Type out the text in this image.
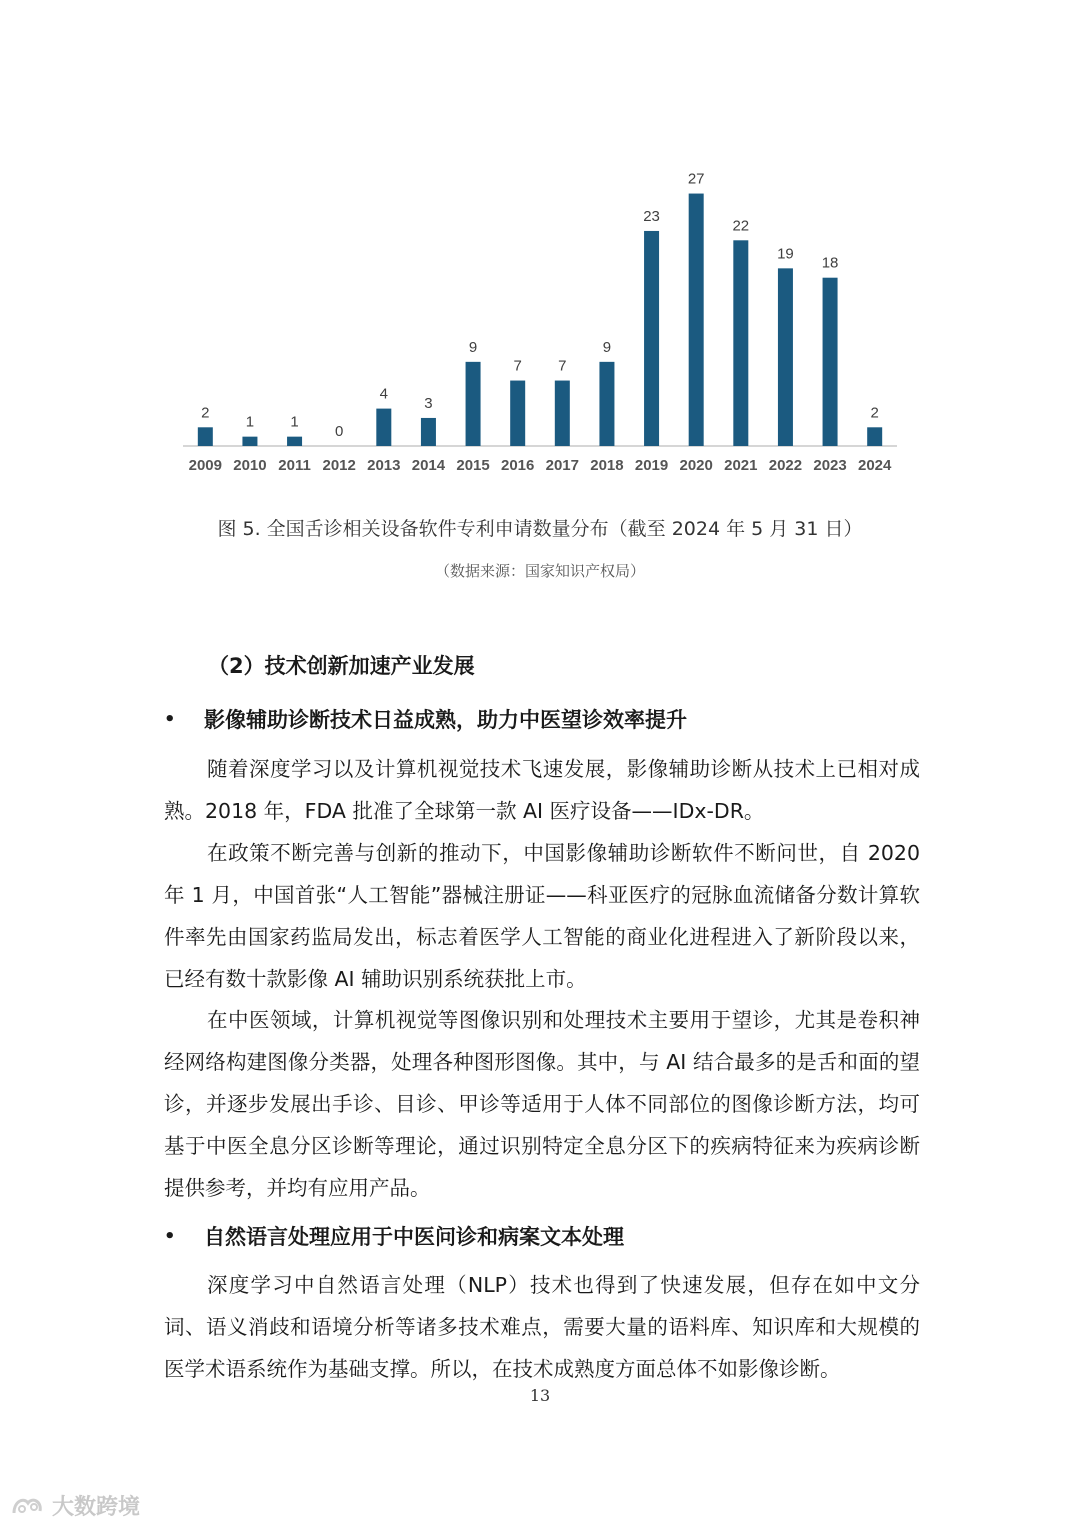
2
2009
1
2010
1
2011
0
2012
4
2013
3
2014
9
2015
7
2016
7
2017
9
2018
23
2019
27
2020
22
2021
19
2022
18
2023
2
2024
图 5. 全国舌诊相关设备软件专利申请数量分布（截至 2024 年 5 月 31 日）
（数据来源：国家知识产权局）
（2）技术创新加速产业发展
•	影像辅助诊断技术日益成熟，助力中医望诊效率提升

随着深度学习以及计算机视觉技术飞速发展，影像辅助诊断从技术上已相对成熟。2018 年，FDA 批准了全球第一款 AI 医疗设备——IDx-DR。

在政策不断完善与创新的推动下，中国影像辅助诊断软件不断问世，自 2020 年 1 月，中国首张“人工智能”器械注册证——科亚医疗的冠脉血流储备分数计算软件率先由国家药监局发出，标志着医学人工智能的商业化进程进入了新阶段以来，已经有数十款影像 AI 辅助识别系统获批上市。

在中医领域，计算机视觉等图像识别和处理技术主要用于望诊，尤其是卷积神经网络构建图像分类器，处理各种图形图像。其中，与 AI 结合最多的是舌和面的望诊，并逐步发展出手诊、目诊、甲诊等适用于人体不同部位的图像诊断方法，均可基于中医全息分区诊断等理论，通过识别特定全息分区下的疾病特征来为疾病诊断提供参考，并均有应用产品。

•	自然语言处理应用于中医问诊和病案文本处理

深度学习中自然语言处理（NLP）技术也得到了快速发展，但存在如中文分词、语义消歧和语境分析等诸多技术难点，需要大量的语料库、知识库和大规模的医学术语系统作为基础支撑。所以，在技术成熟度方面总体不如影像诊断。

13
大数跨境
